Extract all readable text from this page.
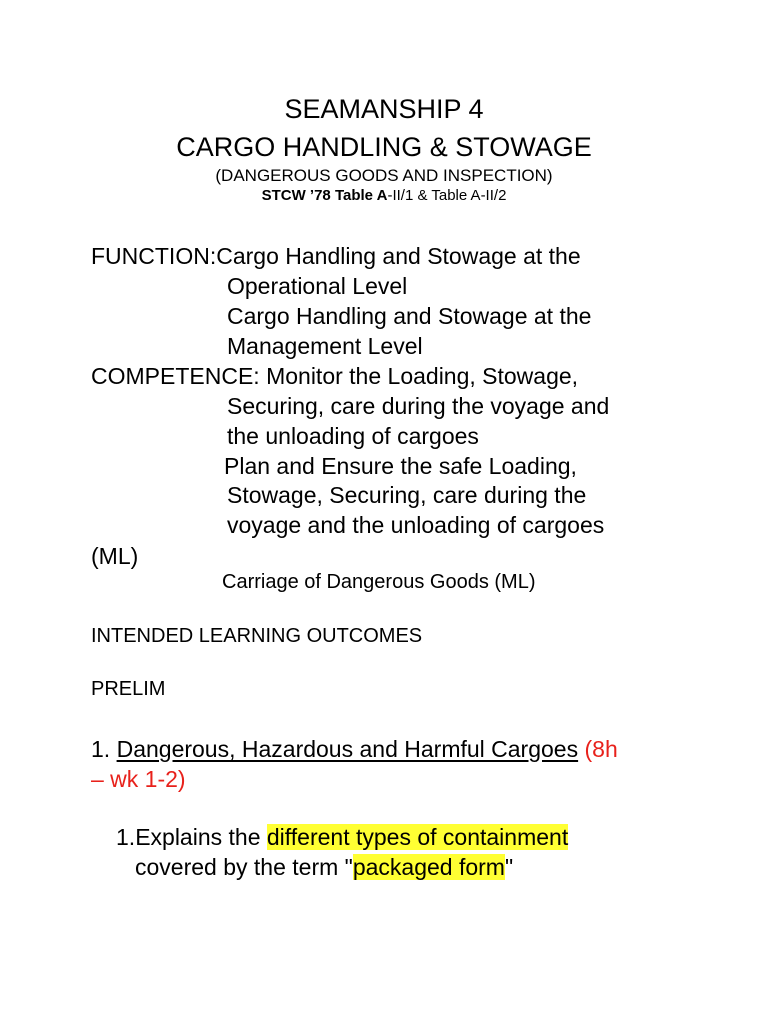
SEAMANSHIP 4
CARGO HANDLING & STOWAGE
(DANGEROUS GOODS AND INSPECTION)
STCW ’78 Table A-II/1 & Table A-II/2
FUNCTION:Cargo Handling and Stowage at the
Operational Level
Cargo Handling and Stowage at the
Management Level
COMPETENCE: Monitor the Loading, Stowage,
Securing, care during the voyage and
the unloading of cargoes
Plan and Ensure the safe Loading,
Stowage, Securing, care during the
voyage and the unloading of cargoes
(ML)
Carriage of Dangerous Goods (ML)
INTENDED LEARNING OUTCOMES
PRELIM
1. Dangerous, Hazardous and Harmful Cargoes (8h
– wk 1-2)
1.Explains the different types of containment
covered by the term "packaged form"
